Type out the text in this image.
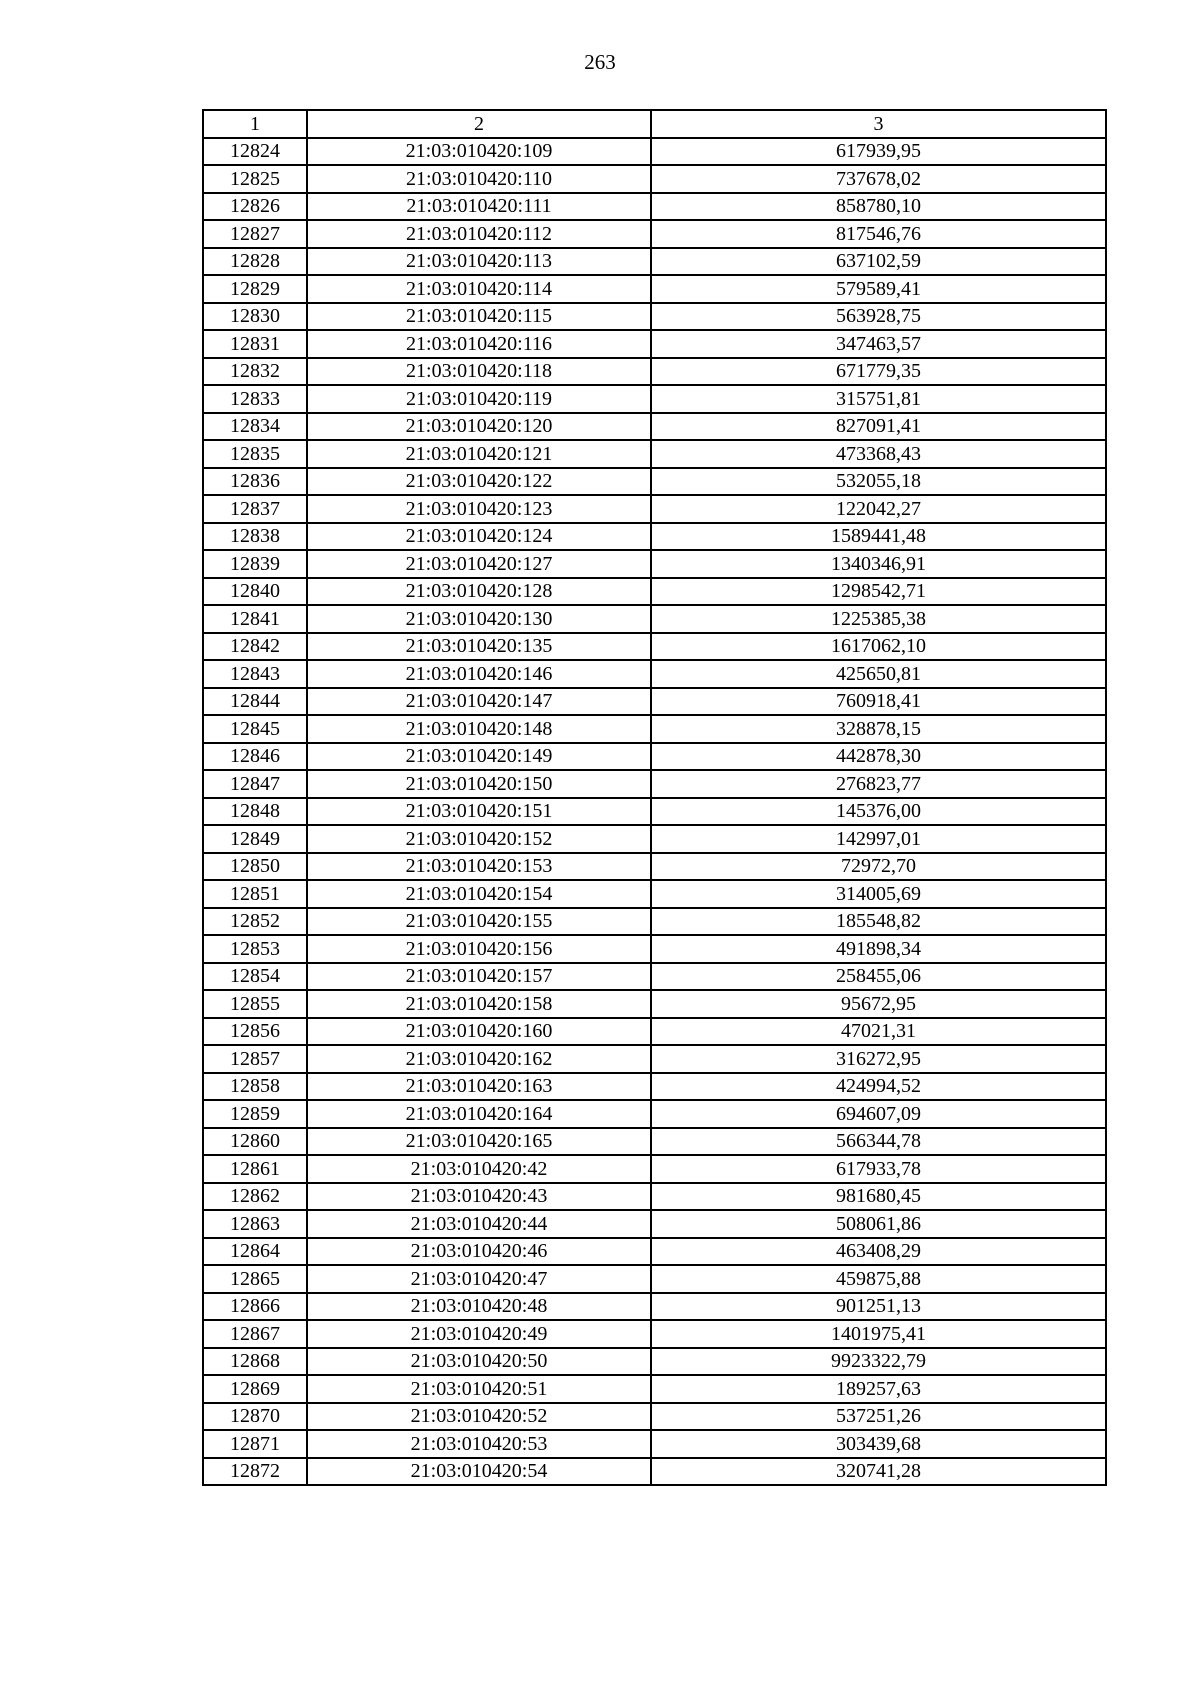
263
1	2	3
12824	21:03:010420:109	617939,95
12825	21:03:010420:110	737678,02
12826	21:03:010420:111	858780,10
12827	21:03:010420:112	817546,76
12828	21:03:010420:113	637102,59
12829	21:03:010420:114	579589,41
12830	21:03:010420:115	563928,75
12831	21:03:010420:116	347463,57
12832	21:03:010420:118	671779,35
12833	21:03:010420:119	315751,81
12834	21:03:010420:120	827091,41
12835	21:03:010420:121	473368,43
12836	21:03:010420:122	532055,18
12837	21:03:010420:123	122042,27
12838	21:03:010420:124	1589441,48
12839	21:03:010420:127	1340346,91
12840	21:03:010420:128	1298542,71
12841	21:03:010420:130	1225385,38
12842	21:03:010420:135	1617062,10
12843	21:03:010420:146	425650,81
12844	21:03:010420:147	760918,41
12845	21:03:010420:148	328878,15
12846	21:03:010420:149	442878,30
12847	21:03:010420:150	276823,77
12848	21:03:010420:151	145376,00
12849	21:03:010420:152	142997,01
12850	21:03:010420:153	72972,70
12851	21:03:010420:154	314005,69
12852	21:03:010420:155	185548,82
12853	21:03:010420:156	491898,34
12854	21:03:010420:157	258455,06
12855	21:03:010420:158	95672,95
12856	21:03:010420:160	47021,31
12857	21:03:010420:162	316272,95
12858	21:03:010420:163	424994,52
12859	21:03:010420:164	694607,09
12860	21:03:010420:165	566344,78
12861	21:03:010420:42	617933,78
12862	21:03:010420:43	981680,45
12863	21:03:010420:44	508061,86
12864	21:03:010420:46	463408,29
12865	21:03:010420:47	459875,88
12866	21:03:010420:48	901251,13
12867	21:03:010420:49	1401975,41
12868	21:03:010420:50	9923322,79
12869	21:03:010420:51	189257,63
12870	21:03:010420:52	537251,26
12871	21:03:010420:53	303439,68
12872	21:03:010420:54	320741,28
